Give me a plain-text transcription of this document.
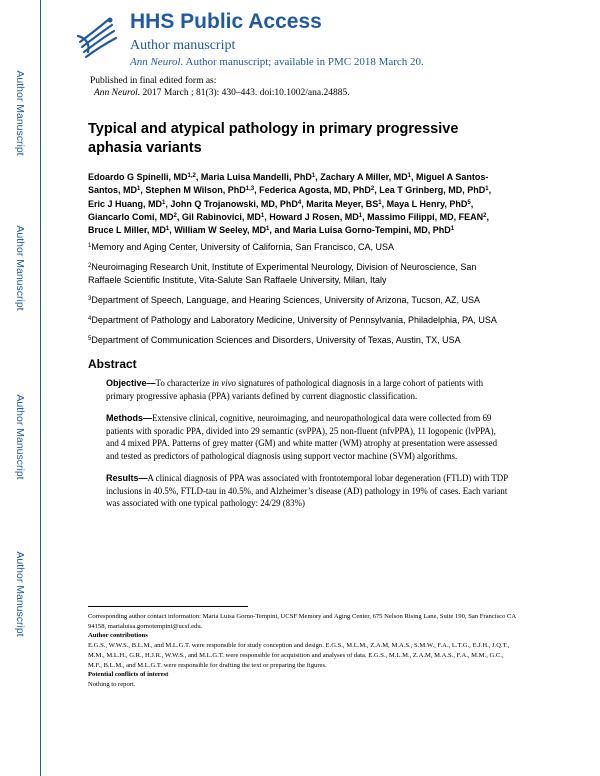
Author Manuscript
Author Manuscript
Author Manuscript
Author Manuscript
HHS Public Access
Author manuscript
Ann Neurol. Author manuscript; available in PMC 2018 March 20.
Published in final edited form as:
Ann Neurol. 2017 March ; 81(3): 430–443. doi:10.1002/ana.24885.
Typical and atypical pathology in primary progressive aphasia variants

Edoardo G Spinelli, MD$^{1,2}$, Maria Luisa Mandelli, PhD$^1$, Zachary A Miller, $MD^1$, Miguel A Santos-Santos, $MD^1$, Stephen M Wilson, PhD$^{1,3}$, Federica Agosta, MD, PhD$^2$, Lea T Grinberg, MD, PhD$^1$, Eric J Huang, $MD^1$, John Q Trojanowski, MD, PhD$^4$, Marita Meyer, $BS^1$, Maya L Henry, PhD$^5$, Giancarlo Comi, $MD^2$, Gil Rabinovici, $MD^1$, Howard J Rosen, $MD^1$, Massimo Filippi, MD, FEAN$^2$, Bruce L Miller, $MD^1$, William W Seeley, $MD^1$, and Maria Luisa Gorno-Tempini, MD, PhD$^1$

$^1$Memory and Aging Center, University of California, San Francisco, CA, USA
$^2$Neuroimaging Research Unit, Institute of Experimental Neurology, Division of Neuroscience, San Raffaele Scientific Institute, Vita-Salute San Raffaele University, Milan, Italy
$^3$Department of Speech, Language, and Hearing Sciences, University of Arizona, Tucson, AZ, USA
$^4$Department of Pathology and Laboratory Medicine, University of Pennsylvania, Philadelphia, PA, USA
$^5$Department of Communication Sciences and Disorders, University of Texas, Austin, TX, USA
Abstract

Objective—To characterize in vivo signatures of pathological diagnosis in a large cohort of patients with primary progressive aphasia (PPA) variants defined by current diagnostic classification.

Methods—Extensive clinical, cognitive, neuroimaging, and neuropathological data were collected from 69 patients with sporadic PPA, divided into 29 semantic (svPPA), 25 non-fluent (nfvPPA), 11 logopenic (lvPPA), and 4 mixed PPA. Patterns of grey matter (GM) and white matter (WM) atrophy at presentation were assessed and tested as predictors of pathological diagnosis using support vector machine (SVM) algorithms.

Results—A clinical diagnosis of PPA was associated with frontotemporal lobar degeneration (FTLD) with TDP inclusions in 40.5%, FTLD-tau in 40.5%, and Alzheimer’s disease (AD) pathology in 19% of cases. Each variant was associated with one typical pathology: 24/29 (83%)

Corresponding author contact information: Maria Luisa Gorno-Tempini, UCSF Memory and Aging Center, 675 Nelson Rising Lane, Suite 190, San Francisco CA 94158, marialuisa.gornotempini@ucsf.edu.

Author contributions

E.G.S., W.W.S., B.L.M., and M.L.G.T. were responsible for study conception and design. E.G.S., M.L.M., Z.A.M, M.A.S., S.M.W., F.A., L.T.G., E.J.H., J.Q.T., M.M., M.L.H., G.R., H.J.R., W.W.S., and M.L.G.T. were responsible for acquisition and analyses of data. E.G.S., M.L.M., Z.A.M, M.A.S., F.A., M.M., G.C., M.F., B.L.M., and M.L.G.T. were responsible for drafting the text or preparing the figures.

Potential conflicts of interest

Nothing to report.
